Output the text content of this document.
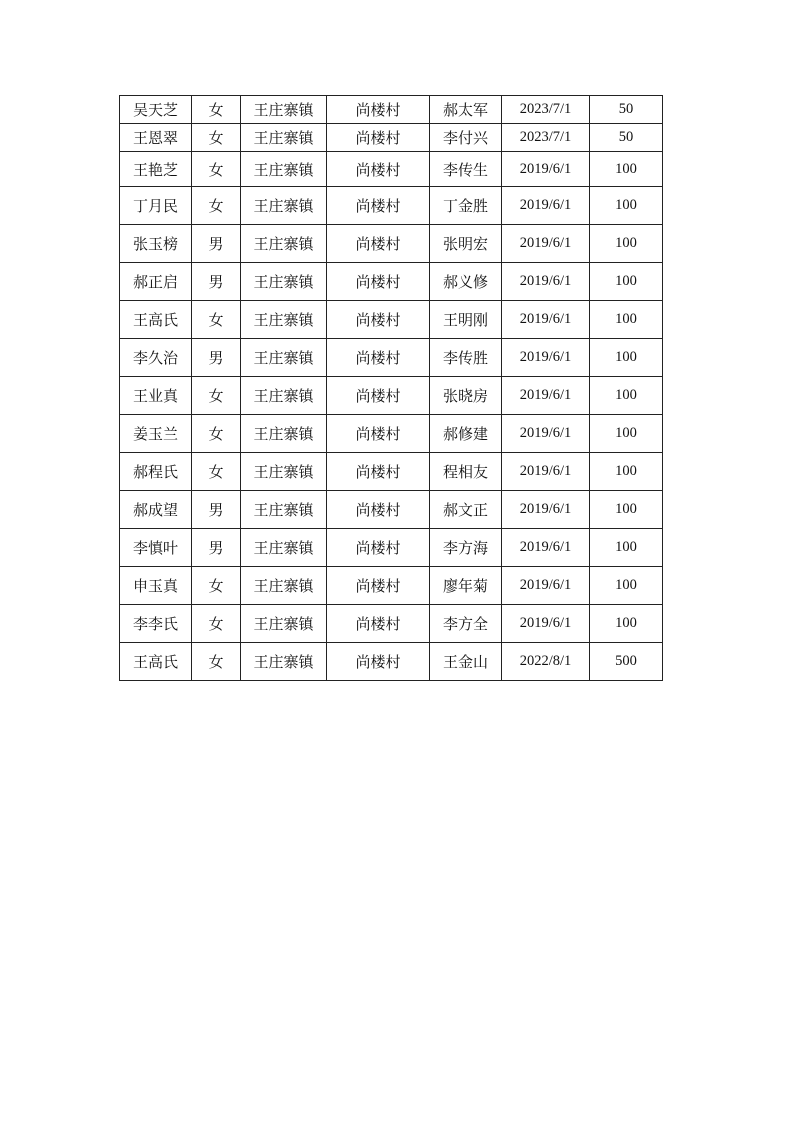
吴天芝	女	王庄寨镇	尚楼村	郝太军	2023/7/1	50
王恩翠	女	王庄寨镇	尚楼村	李付兴	2023/7/1	50
王艳芝	女	王庄寨镇	尚楼村	李传生	2019/6/1	100
丁月民	女	王庄寨镇	尚楼村	丁金胜	2019/6/1	100
张玉榜	男	王庄寨镇	尚楼村	张明宏	2019/6/1	100
郝正启	男	王庄寨镇	尚楼村	郝义修	2019/6/1	100
王高氏	女	王庄寨镇	尚楼村	王明刚	2019/6/1	100
李久治	男	王庄寨镇	尚楼村	李传胜	2019/6/1	100
王业真	女	王庄寨镇	尚楼村	张晓房	2019/6/1	100
姜玉兰	女	王庄寨镇	尚楼村	郝修建	2019/6/1	100
郝程氏	女	王庄寨镇	尚楼村	程相友	2019/6/1	100
郝成望	男	王庄寨镇	尚楼村	郝文正	2019/6/1	100
李慎叶	男	王庄寨镇	尚楼村	李方海	2019/6/1	100
申玉真	女	王庄寨镇	尚楼村	廖年菊	2019/6/1	100
李李氏	女	王庄寨镇	尚楼村	李方全	2019/6/1	100
王高氏	女	王庄寨镇	尚楼村	王金山	2022/8/1	500
